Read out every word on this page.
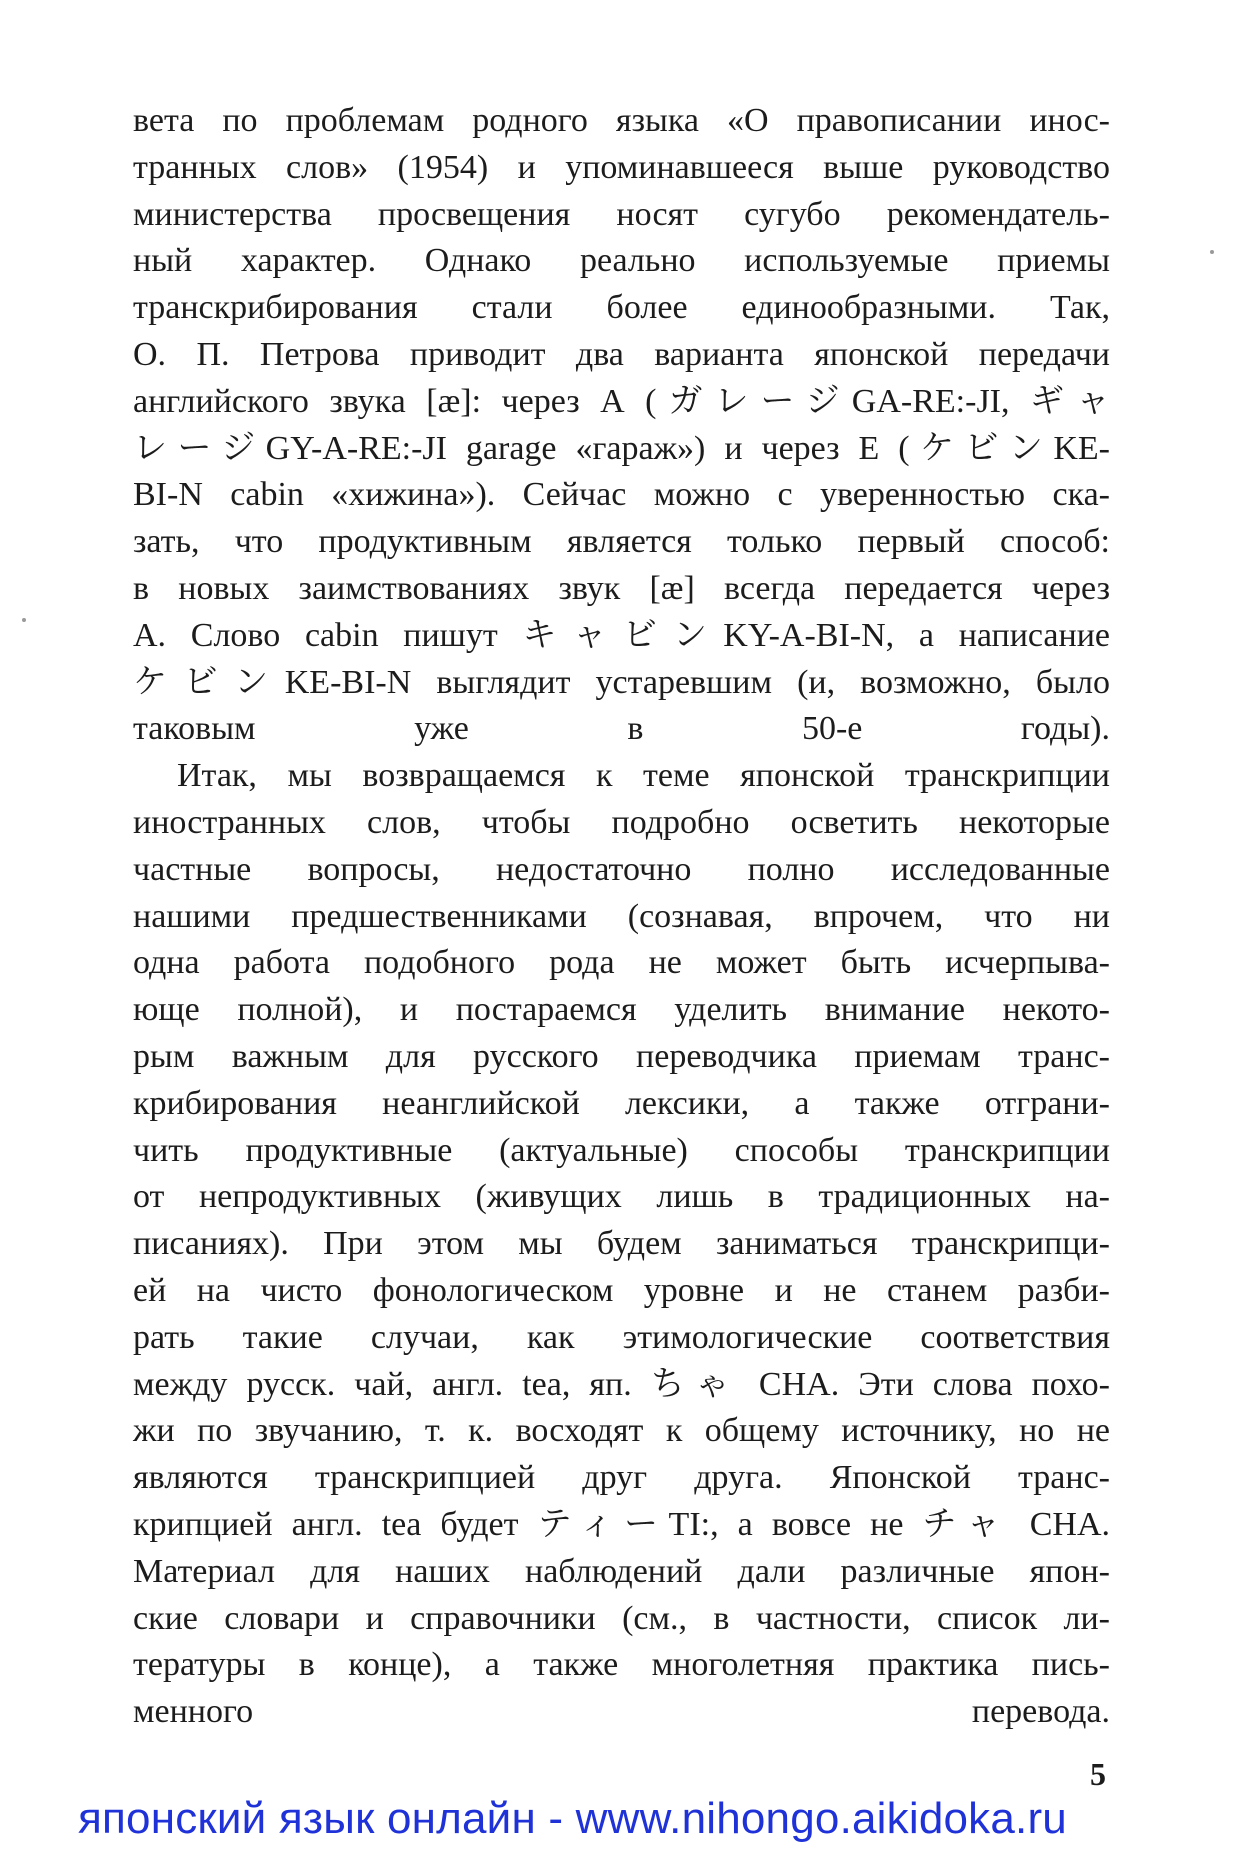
вета по проблемам родного языка «О правописании инос-
транных слов» (1954) и упоминавшееся выше руководство
министерства просвещения носят сугубо рекомендатель-
ный характер. Однако реально используемые приемы
транскрибирования стали более единообразными. Так,
О. П. Петрова приводит два варианта японской передачи
английского звука [æ]: через А (ガレージGA-RE:-JI, ギャ
レージGY-A-RE:-JI garage «гараж») и через Е (ケビンKE-
BI-N cabin «хижина»). Сейчас можно с уверенностью ска-
зать, что продуктивным является только первый способ:
в новых заимствованиях звук [æ] всегда передается через
А. Слово cabin пишут キャビンKY-A-BI-N, а написание
ケビンKE-BI-N выглядит устаревшим (и, возможно, было
таковым уже в 50-е годы).
Итак, мы возвращаемся к теме японской транскрипции
иностранных слов, чтобы подробно осветить некоторые
частные вопросы, недостаточно полно исследованные
нашими предшественниками (сознавая, впрочем, что ни
одна работа подобного рода не может быть исчерпыва-
юще полной), и постараемся уделить внимание некото-
рым важным для русского переводчика приемам транс-
крибирования неанглийской лексики, а также отграни-
чить продуктивные (актуальные) способы транскрипции
от непродуктивных (живущих лишь в традиционных на-
писаниях). При этом мы будем заниматься транскрипци-
ей на чисто фонологическом уровне и не станем разби-
рать такие случаи, как этимологические соответствия
между русск. чай, англ. tea, яп. ちゃ CHA. Эти слова похо-
жи по звучанию, т. к. восходят к общему источнику, но не
являются транскрипцией друг друга. Японской транс-
крипцией англ. tea будет ティーTI:, а вовсе не チャ CHA.
Материал для наших наблюдений дали различные япон-
ские словари и справочники (см., в частности, список ли-
тературы в конце), а также многолетняя практика пись-
менного перевода.
5
японский язык онлайн - www.nihongo.aikidoka.ru
